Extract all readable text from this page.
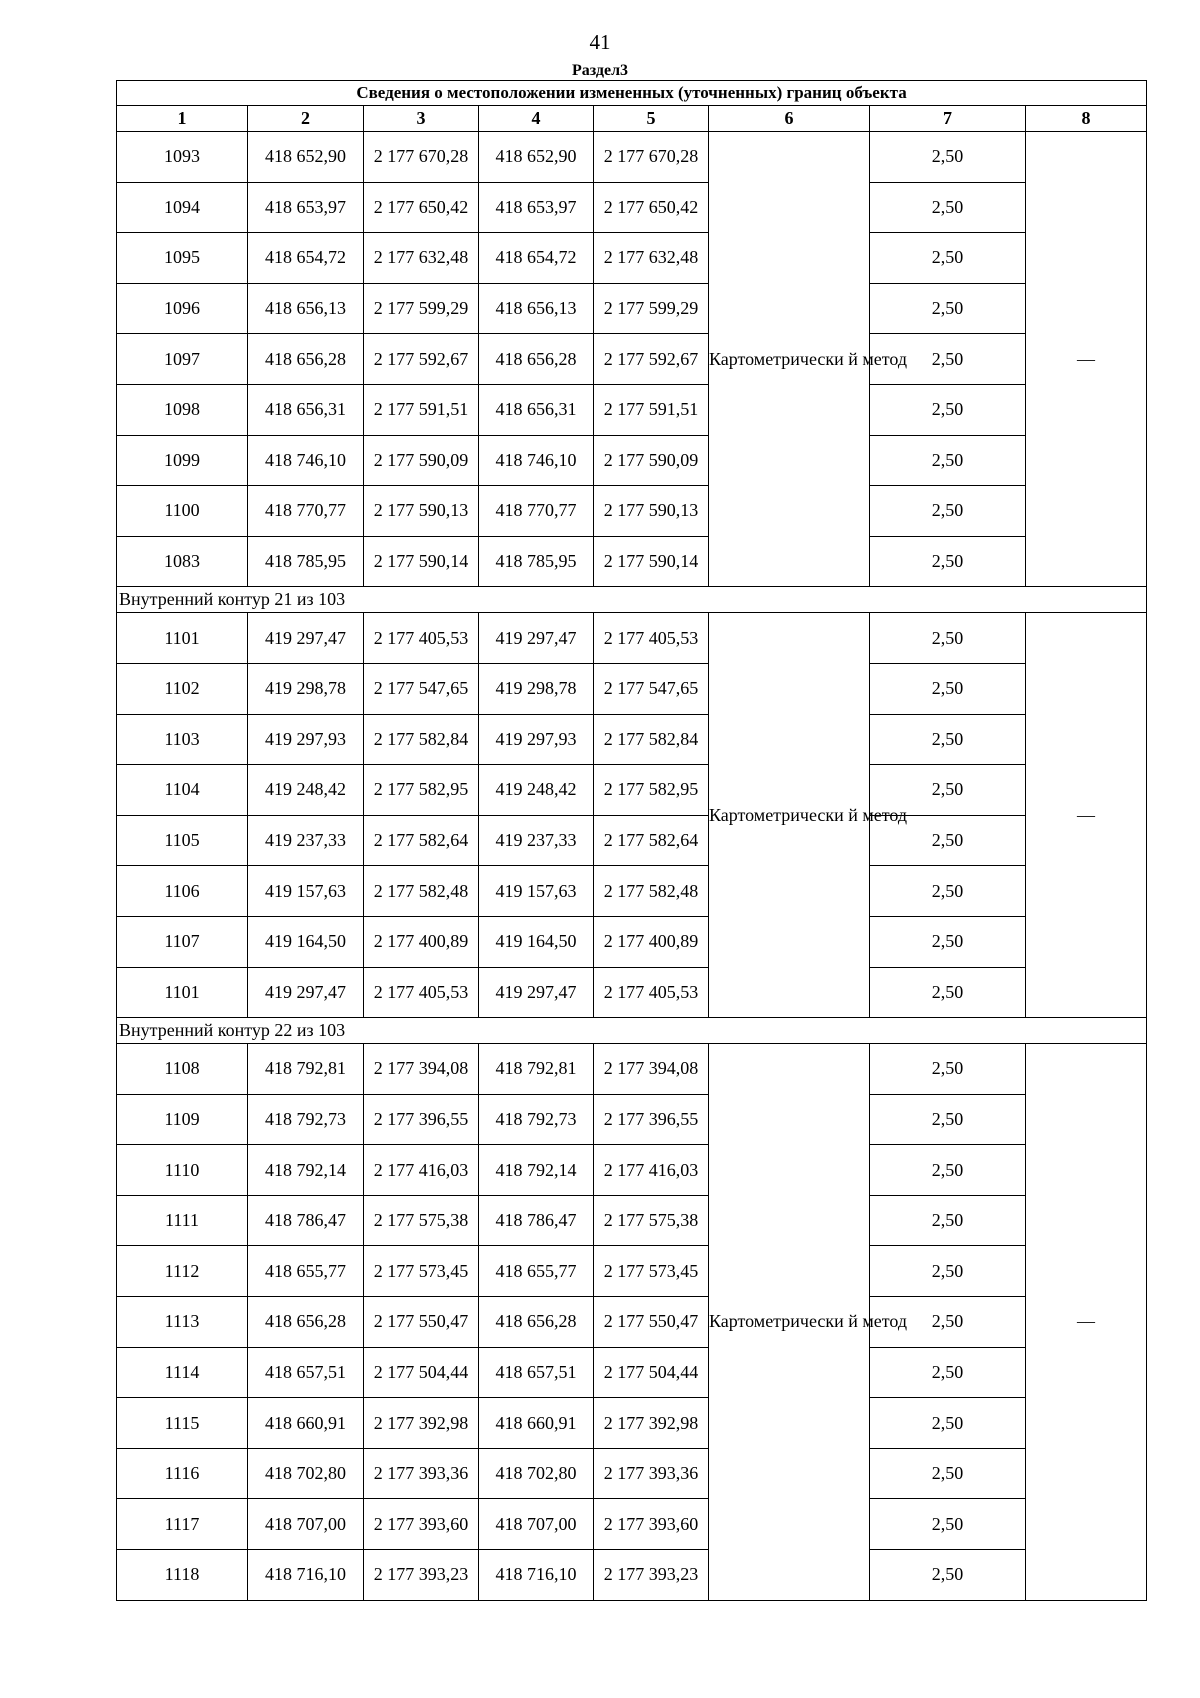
41
Раздел3
Сведения о местоположении измененных (уточненных) границ объекта							
1	2	3	4	5	6	7	8
1093	418 652,90	2 177 670,28	418 652,90	2 177 670,28	Картометрически й метод	2,50	—
1094	418 653,97	2 177 650,42	418 653,97	2 177 650,42		2,50	
1095	418 654,72	2 177 632,48	418 654,72	2 177 632,48		2,50	
1096	418 656,13	2 177 599,29	418 656,13	2 177 599,29		2,50	
1097	418 656,28	2 177 592,67	418 656,28	2 177 592,67		2,50	
1098	418 656,31	2 177 591,51	418 656,31	2 177 591,51		2,50	
1099	418 746,10	2 177 590,09	418 746,10	2 177 590,09		2,50	
1100	418 770,77	2 177 590,13	418 770,77	2 177 590,13		2,50	
1083	418 785,95	2 177 590,14	418 785,95	2 177 590,14		2,50	
Внутренний контур 21 из 103							
1101	419 297,47	2 177 405,53	419 297,47	2 177 405,53	Картометрически й метод	2,50	—
1102	419 298,78	2 177 547,65	419 298,78	2 177 547,65		2,50	
1103	419 297,93	2 177 582,84	419 297,93	2 177 582,84		2,50	
1104	419 248,42	2 177 582,95	419 248,42	2 177 582,95		2,50	
1105	419 237,33	2 177 582,64	419 237,33	2 177 582,64		2,50	
1106	419 157,63	2 177 582,48	419 157,63	2 177 582,48		2,50	
1107	419 164,50	2 177 400,89	419 164,50	2 177 400,89		2,50	
1101	419 297,47	2 177 405,53	419 297,47	2 177 405,53		2,50	
Внутренний контур 22 из 103							
1108	418 792,81	2 177 394,08	418 792,81	2 177 394,08	Картометрически й метод	2,50	—
1109	418 792,73	2 177 396,55	418 792,73	2 177 396,55		2,50	
1110	418 792,14	2 177 416,03	418 792,14	2 177 416,03		2,50	
1111	418 786,47	2 177 575,38	418 786,47	2 177 575,38		2,50	
1112	418 655,77	2 177 573,45	418 655,77	2 177 573,45		2,50	
1113	418 656,28	2 177 550,47	418 656,28	2 177 550,47		2,50	
1114	418 657,51	2 177 504,44	418 657,51	2 177 504,44		2,50	
1115	418 660,91	2 177 392,98	418 660,91	2 177 392,98		2,50	
1116	418 702,80	2 177 393,36	418 702,80	2 177 393,36		2,50	
1117	418 707,00	2 177 393,60	418 707,00	2 177 393,60		2,50	
1118	418 716,10	2 177 393,23	418 716,10	2 177 393,23		2,50	
